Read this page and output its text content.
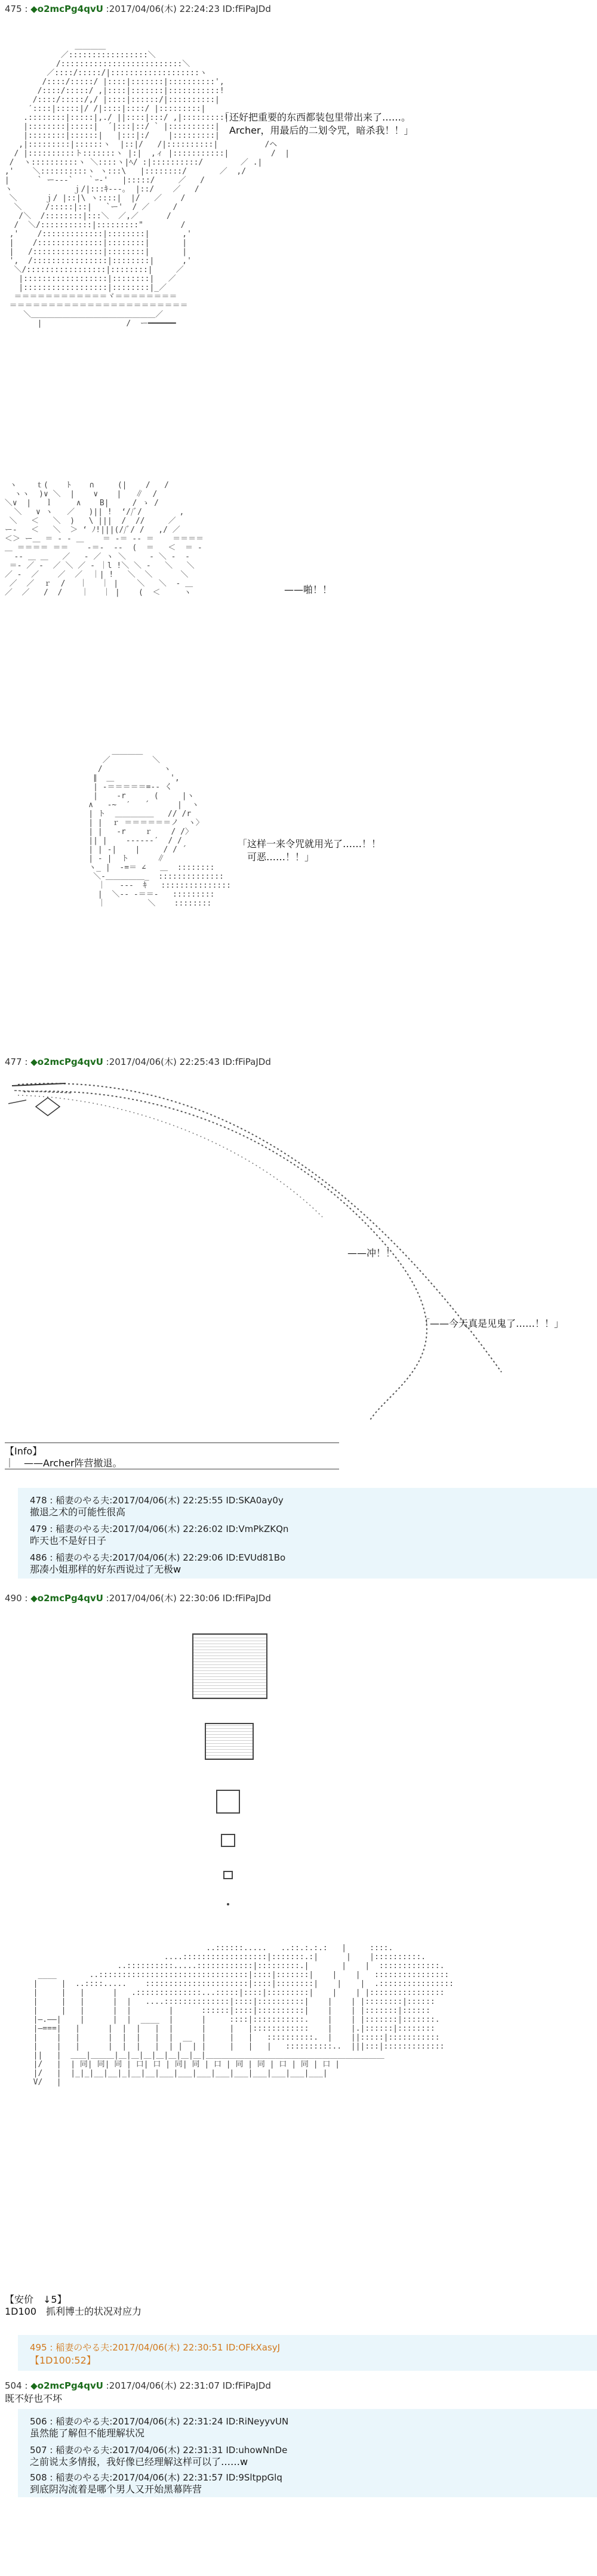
475 : ◆o2mcPg4qvU :2017/04/06(木) 22:24:23 ID:fFiPaJDd
＿＿＿＿
／:::::::::::::::::＼
/::::::::::::::::::::::::::＼
／::::/:::::/|:::::::::::::::::::ヽ
/::::/:::::/ |::::|:::::::|::::::::::',
/::::/:::::/ ,|::::|:::::::|:::::::::::!
/::::/:::::/,/ |::::|::::::/|::::::::::|
′::::|:::::|/ /|::::|::::/ |:::::::::|
.::::::::|:::::|,./ ||::::|:::/ ,|:::::::::|
|::::::::|:::::|  ´|:::|::/ ` |::::::::::|
|::::::::|::::::|   |:::|:/    |:::::::::|
,|:::::::::|::::::ヽ  |::|/   /|::::::::::|          /ヘ
/ |::::::::::ト:::::::ヽ |:|  ,ィ |:::::::::::|         /  |
/  ヽ::::::::::ヽ ＼::::ヽ|ﾍ/ :|::::::::::/        ／ .|
,'    ＼::::::::::ヽ ヽ:::\   |::::::::/       ／  ,/
|      ` ー--‐`   ｀ｰ-'   |:::::/     ／   /
ヽ             ｊ/|:::ｷ-‐‐｡  |::/    ／   /
＼      ｊ/ |::|\ ヽ::::|  |/   ／    /
＼     /:::::|::|   `ー'  / ／     /
/＼  /::::::::|:::＼  ／,／      /
/  ＼/:::::::::::|:::::::::"        /
,'    /:::::::::::::|::::::::|       ,'
|    /::::::::::::::|::::::::|       |
|   /:::::::::::::::|::::::::|       |
',  /::::::::::::::::|::::::::|      ,'
＼/:::::::::::::::::|::::::::|     ／
|::::::::::::::::::|::::::::|   ／
|::::::::::::::::::|::::::::|_／
＝＝＝＝＝＝＝＝＝＝＝＝ヾ＝＝＝＝＝＝＝＝
＝＝＝＝＝＝＝＝＝＝＝＝＝＝＝＝＝＝＝＝＝＝＝
＼＿＿＿＿＿＿＿＿＿＿＿＿＿＿＿＿／
|                  /  ー━━━━━━

「还好把重要的东西都装包里带出来了……。
　Archer，用最后的二划令咒，暗杀我！！」
ヽ    ｔ(    ﾄ    ∩     (|    /   /
ヽヽ  )∨ ＼  |    ∨    |   ∥  /
＼∨  |   ｌ     ∧    B|     / ゝ /
＼   ∨ ヽ   ／   )|| !  ‘//ﾞ/        ,
＼   ＜   ＼  )   \ |||  /  //     ／
ー‐   ＜   ＼  ＞ ‘ ﾉ!|||(//ﾞ/ /   ,/ ／
＜＞ ー＿ ＝ ‐ ‐ ＿    ＝ ‐＝ ‐‐ ＝    ＝＝＝＝
＿ ＝＝＝＝ ＝＝    ‐＝‐  ‐‐  (  ＝   ＜  ＝ ‐
‐‐ ＿ ＿   ／   ‐ ／ ヽ ＼     ‐ ＼ ‐  ‐
＝‐ ／ ‐  ／ ＼ ／ ‐ ｜l !＼ ＼ ‐   ＼   ＼
／ ‐  ／    ／  ／  ｜| !   ＼  ＼      ＼
／  ／  ｒ  /   ｜   ｜ |    ＼   ＼  ‐ ＿
／  ／   /  /    ｜   ｜ |    (  ＜     ヽ	——啪！！
＿＿＿＿
／         ＼
/             ヽ
∥  ＿            ',
| ‐＝＝＝＝＝=‐‐ く
|    -r      (     |ヽ
∧   ‐~  ′   ´      |  ヽ
| ト  ＿＿＿＿＿   // /r
| |  ｒ ＝＝＝＝＝＝ノ  ヽ〉
| |   -r    ｒ    / /〉
|| |    ‐‐‐‐‐‐′  / /
| | ‐|    |     / / ´
| ‐ |  ト      ∥
ヽ_ |  ‐=＝ ∠   ＿  ::::::::
＼‐＿＿＿＿＿_  ::::::::::::::
｜   ‐‐‐  ｷ   :::::::::::::::
|  ＼‐‐ ‐＝＝‐   :::::::::
｜         ＼    ::::::::

「这样一来令咒就用光了……！！
　可恶……！！」
477 : ◆o2mcPg4qvU :2017/04/06(木) 22:25:43 ID:fFiPaJDd
——冲！！
「——今天真是见鬼了……！！」
【Info】
｜　——Archer阵营撤退。
478 : 稲妻のやる夫:2017/04/06(木) 22:25:55 ID:SKA0ay0y
撤退之术的可能性很高
479 : 稲妻のやる夫:2017/04/06(木) 22:26:02 ID:VmPkZKQn
昨天也不是好日子
486 : 稲妻のやる夫:2017/04/06(木) 22:29:06 ID:EVUd81Bo
那凑小姐那样的好东西说过了无极w
490 : ◆o2mcPg4qvU :2017/04/06(木) 22:30:06 ID:fFiPaJDd
..::::::.....   ..::.:.:.:   |     ::::.
....::::::::::::::::::|:::::::.:|      |    |::::::::::.
..::::::::::.....::::::::::::|:::::::::.|       |    |  :::::::::::::.
____       ..::::::::::::::::::::::::::::::::|::::|:::::::|    |    |   ::::::::::::::::
|     |  ..::::.....    ::::::::::::::::::::::|::::|::::::::|    |    |  .::::::::::::::::
|     |   |      |   .::::::::::::::...:::::|::::|:::::::::|    |    | |::::::::::::::::
|     |   |      |  |   ....::::::::::::::|::::|::::::::::|    |    | |::::::::|::::::
|     |   |      |  |        |      ::::::|::::|::::::::::|    |    | |:::::::|::::::
|—.——|    |      |  |  ____  |      |     ::::|:::::::::::.    |    | |:::::::|:::::::.
|—===|   |      |  |  |   |  |      |     |   |::::::::::::    |    |.|::::::|::::::::
|    |   |      |  |  |   |  |  __  |     |   |   ::::::::::.  |    ||:::::|:::::::::::
|    |   |      |  |  |   |  | |  | |     |   |   |   ::::::::::..  |||:::|:::::::::::::
||   |  ＿＿|＿＿＿|＿|＿|＿|＿|＿|＿|＿|＿＿＿＿＿＿＿＿＿＿＿＿＿＿＿＿＿＿＿＿＿＿＿
|/   |  | 同| 同| 同 | 口| 口 | 同| 同 | 口 | 同 | 同 | 口 | 同 | 口 |
|/   |  |_|_|__|__|_|__|__|___|___|___|___|___|___|___|___|___|
V/   |

【安价　↓5】
1D100　抓利博士的状况对应力
495 : 稲妻のやる夫:2017/04/06(木) 22:30:51 ID:OFkXasyJ
【1D100:52】
504 : ◆o2mcPg4qvU :2017/04/06(木) 22:31:07 ID:fFiPaJDd
既不好也不坏
506 : 稲妻のやる夫:2017/04/06(木) 22:31:24 ID:RiNeyyvUN
虽然能了解但不能理解状况
507 : 稲妻のやる夫:2017/04/06(木) 22:31:31 ID:uhowNnDe
之前说太多情报，我好像已经理解这样可以了……w
508 : 稲妻のやる夫:2017/04/06(木) 22:31:57 ID:9SltppGlq
到底阴沟流着是哪个男人又开始黑幕阵营
